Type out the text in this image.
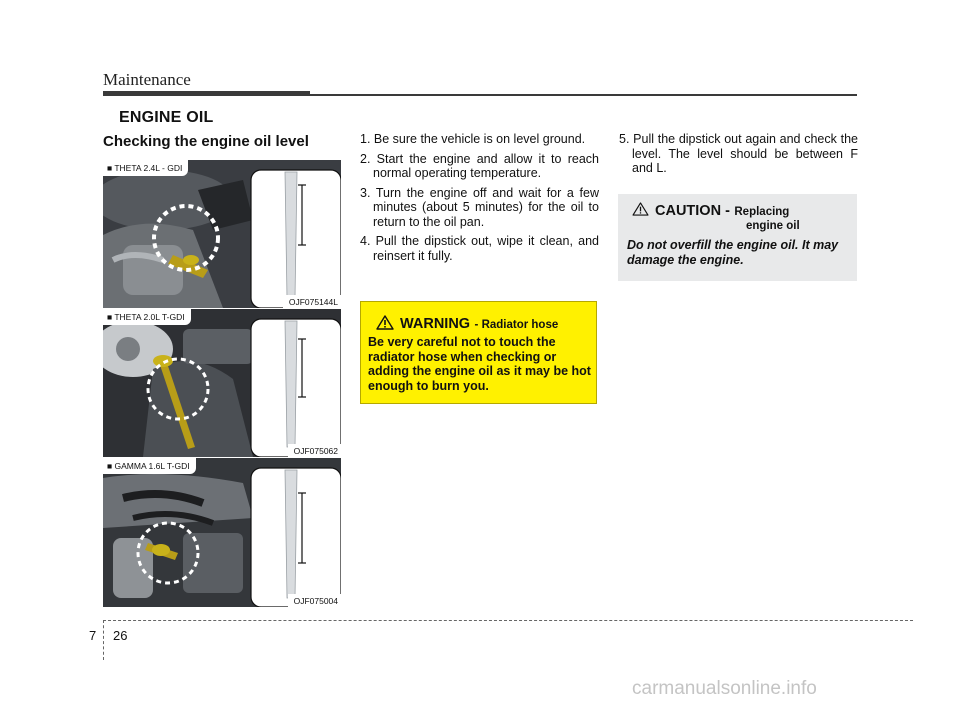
Maintenance
ENGINE OIL
Checking the engine oil level
■ THETA 2.4L - GDI
OJF075144L
■ THETA 2.0L T-GDI
OJF075062
■ GAMMA 1.6L T-GDI
OJF075004
1. Be sure the vehicle is on level ground.
2. Start the engine and allow it to reach normal operating temperature.
3. Turn the engine off and wait for a few minutes (about 5 minutes) for the oil to return to the oil pan.
4. Pull the dipstick out, wipe it clean, and reinsert it fully.
WARNING - Radiator hose
Be very careful not to touch the radiator hose when checking or adding the engine oil as it may be hot enough to burn you.
5. Pull the dipstick out again and check the level. The level should be between F and L.
CAUTION - Replacing
engine oil
Do not overfill the engine oil. It may damage the engine.
7 26
carmanualsonline.info
